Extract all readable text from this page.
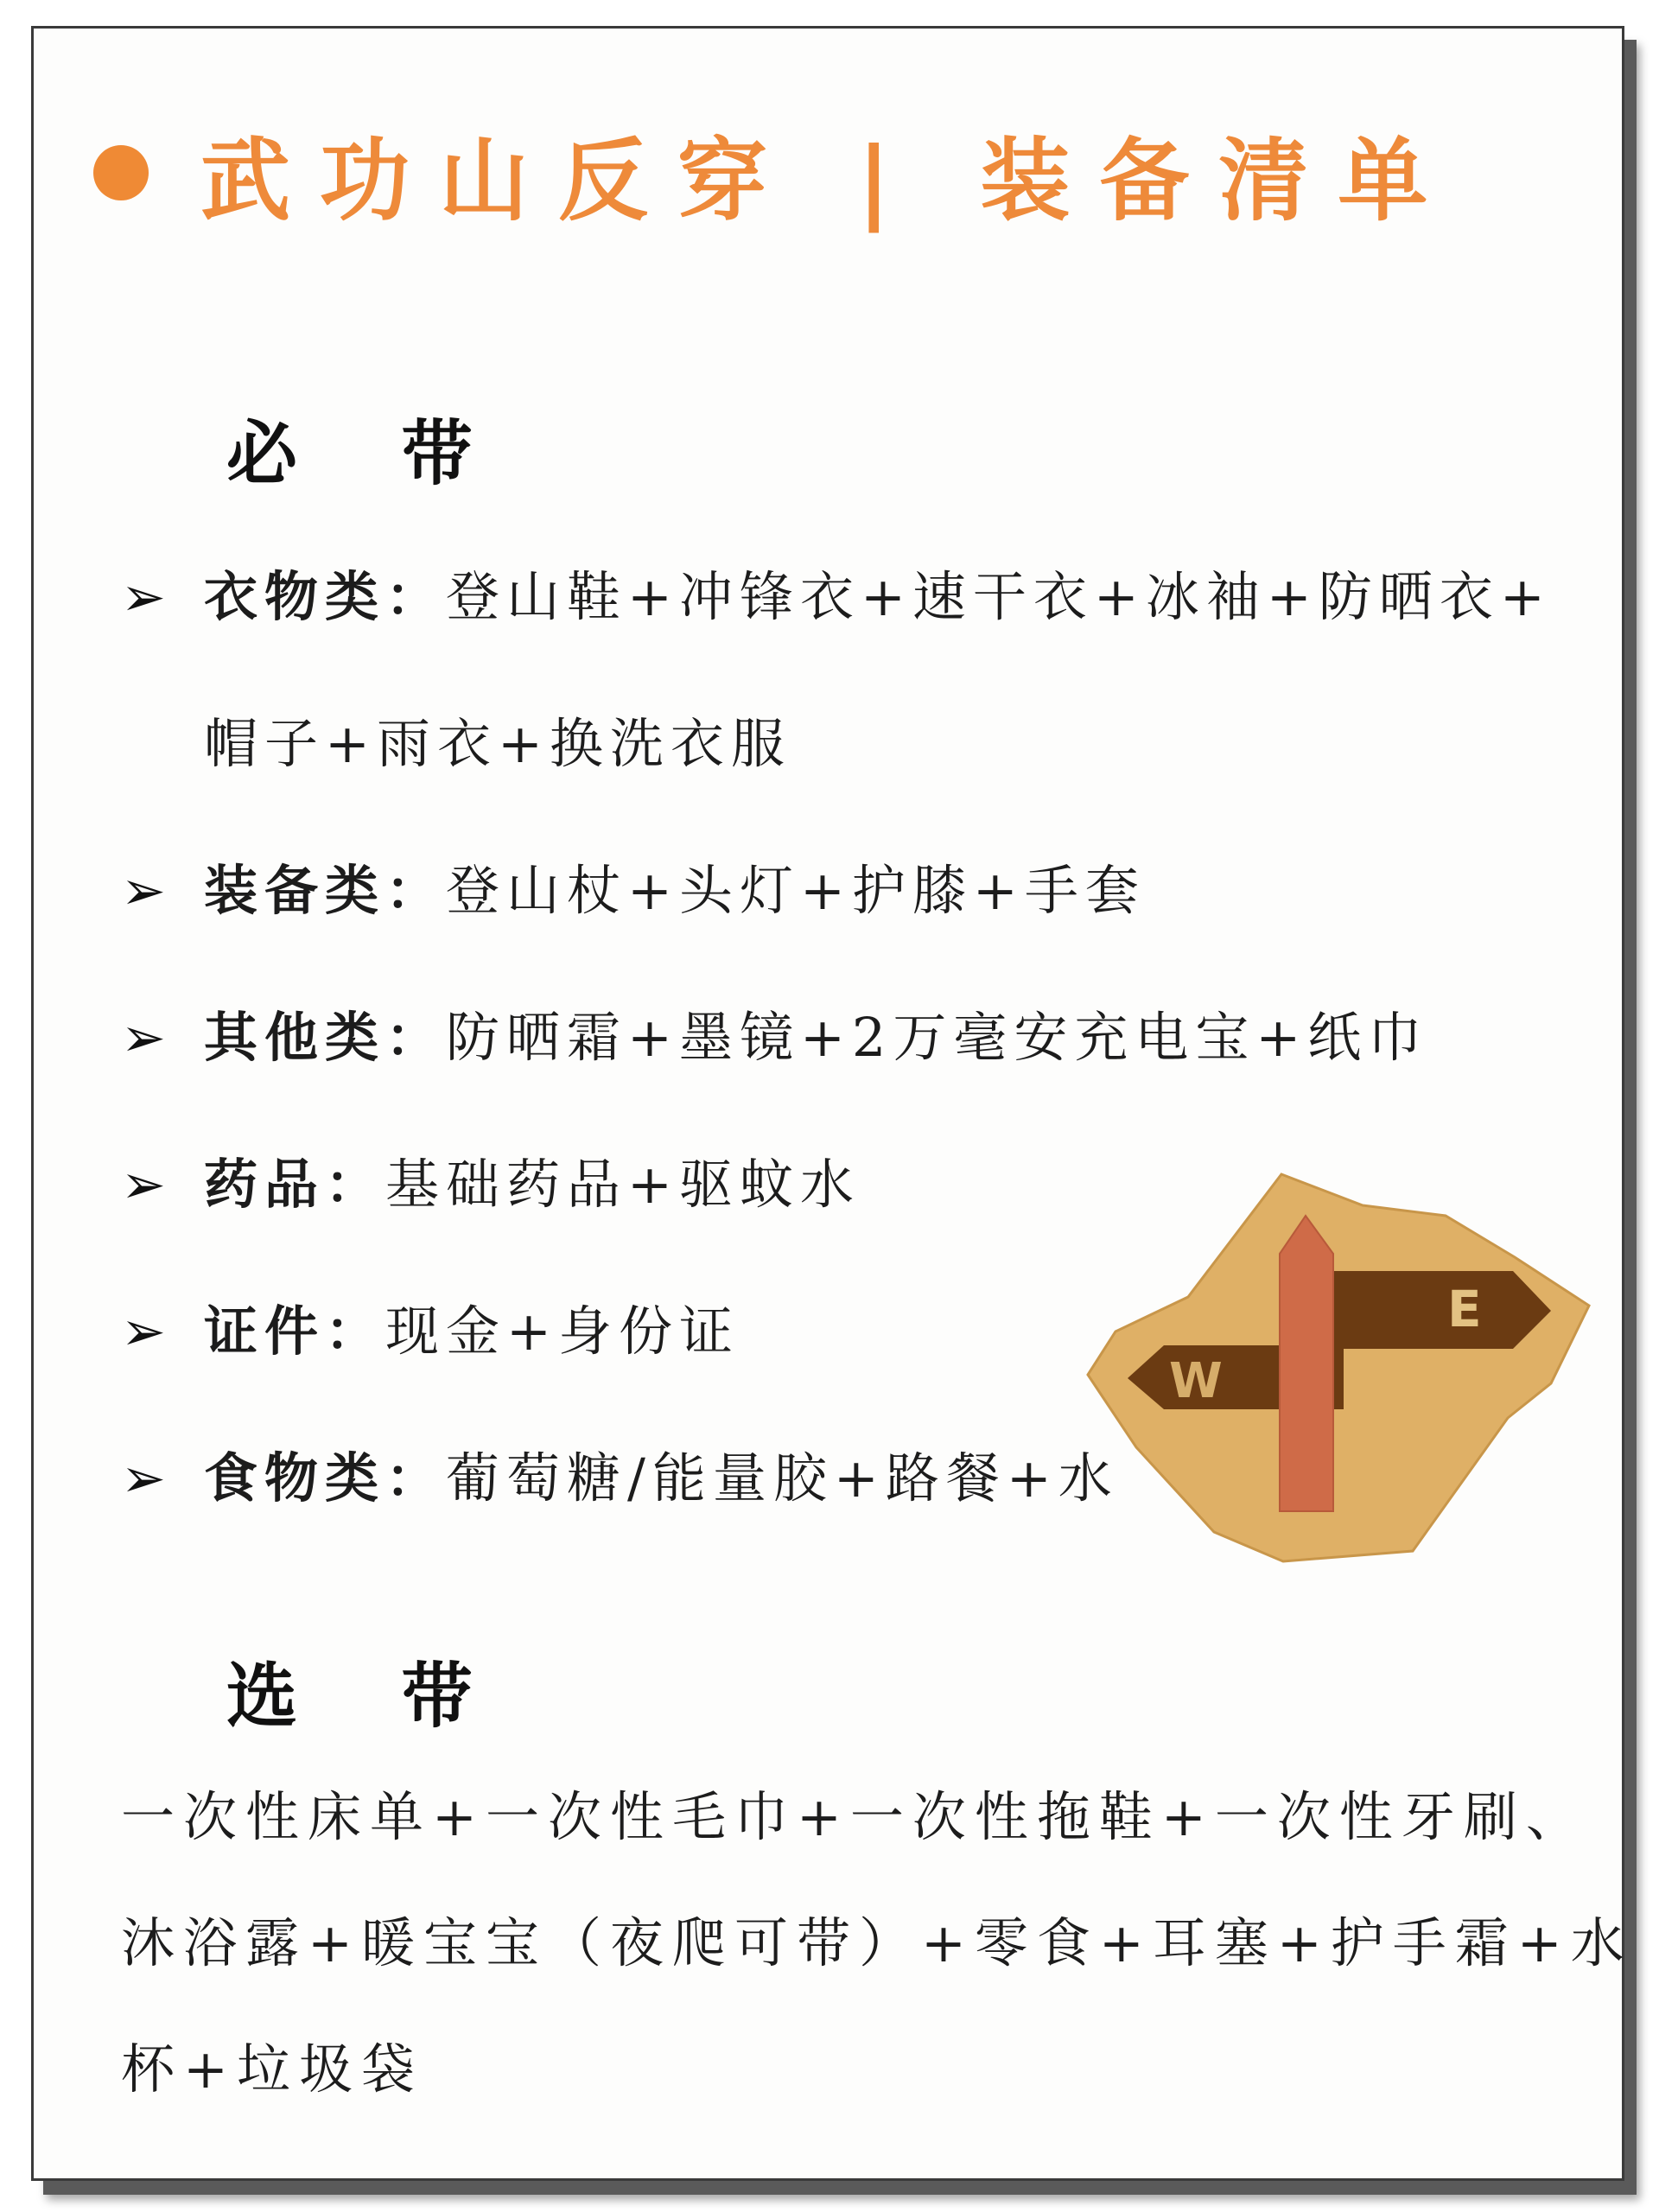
武功山反穿 | 装备清单
必 带
➢ 衣物类：登山鞋+冲锋衣+速干衣+冰袖+防晒衣+
帽子+雨衣+换洗衣服
➢ 装备类：登山杖+头灯+护膝+手套
➢ 其他类：防晒霜+墨镜+2万毫安充电宝+纸巾
➢ 药品：基础药品+驱蚊水
➢ 证件：现金+身份证
➢ 食物类：葡萄糖/能量胶+路餐+水
选 带
一次性床单+一次性毛巾+一次性拖鞋+一次性牙刷、
沐浴露+暖宝宝（夜爬可带）+零食+耳塞+护手霜+水
杯+垃圾袋
E
W
